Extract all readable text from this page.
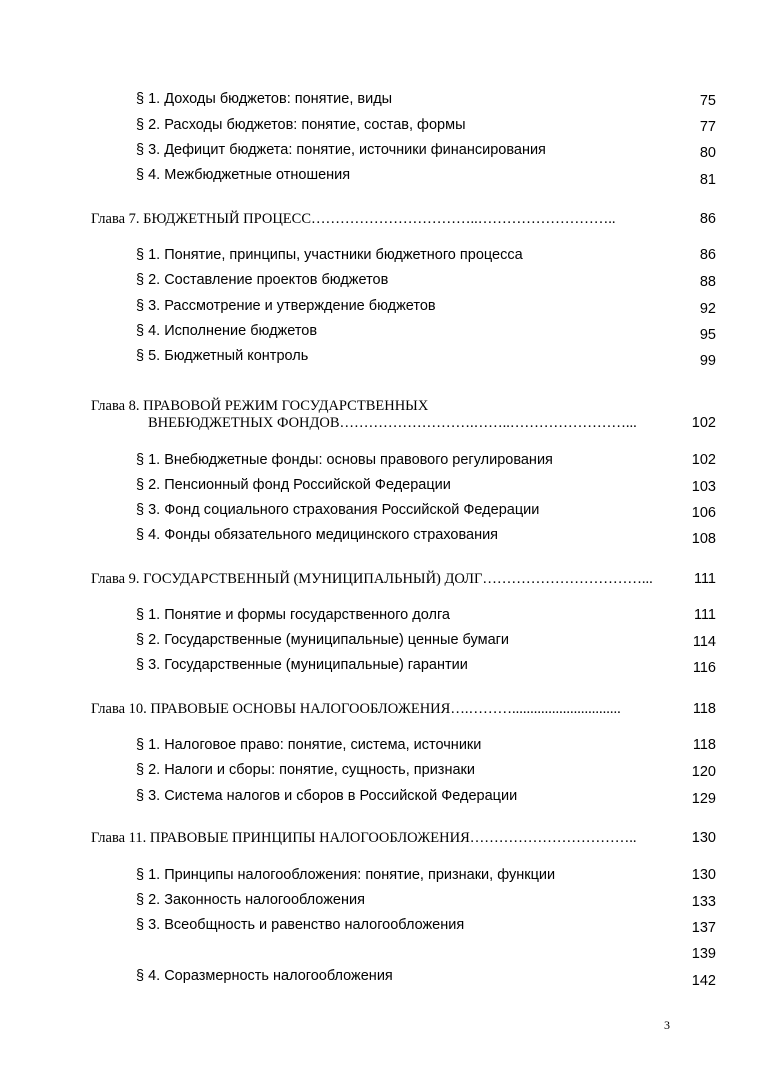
§ 1. Доходы бюджетов: понятие, виды	75
§ 2. Расходы бюджетов: понятие, состав, формы	77
§ 3. Дефицит бюджета: понятие, источники финансирования	80
§ 4. Межбюджетные отношения	81
Глава 7. БЮДЖЕТНЫЙ ПРОЦЕСС……………………………..………………………..	86
§ 1. Понятие, принципы, участники бюджетного процесса	86
§ 2. Составление проектов бюджетов	88
§ 3. Рассмотрение и утверждение бюджетов	92
§ 4. Исполнение бюджетов	95
§ 5. Бюджетный контроль	99
Глава 8. ПРАВОВОЙ РЕЖИМ ГОСУДАРСТВЕННЫХ
ВНЕБЮДЖЕТНЫХ ФОНДОВ……………………….……..……………………...	102
§ 1. Внебюджетные фонды: основы правового регулирования	102
§ 2. Пенсионный фонд Российской Федерации	103
§ 3. Фонд социального страхования Российской Федерации	106
§ 4. Фонды обязательного медицинского страхования	108
Глава 9. ГОСУДАРСТВЕННЫЙ (МУНИЦИПАЛЬНЫЙ) ДОЛГ……………………………...	111
§ 1. Понятие и формы государственного долга	111
§ 2. Государственные (муниципальные) ценные бумаги	114
§ 3. Государственные (муниципальные) гарантии	116
Глава 10. ПРАВОВЫЕ ОСНОВЫ НАЛОГООБЛОЖЕНИЯ….………..............................	118
§ 1. Налоговое право: понятие, система, источники	118
§ 2. Налоги и сборы: понятие, сущность, признаки	120
§ 3. Система налогов и сборов в Российской Федерации	129
Глава 11. ПРАВОВЫЕ ПРИНЦИПЫ НАЛОГООБЛОЖЕНИЯ……………………………..	130
§ 1. Принципы налогообложения: понятие, признаки, функции	130
§ 2. Законность налогообложения	133
§ 3. Всеобщность и равенство налогообложения	137
139
§ 4. Соразмерность налогообложения	142
3
